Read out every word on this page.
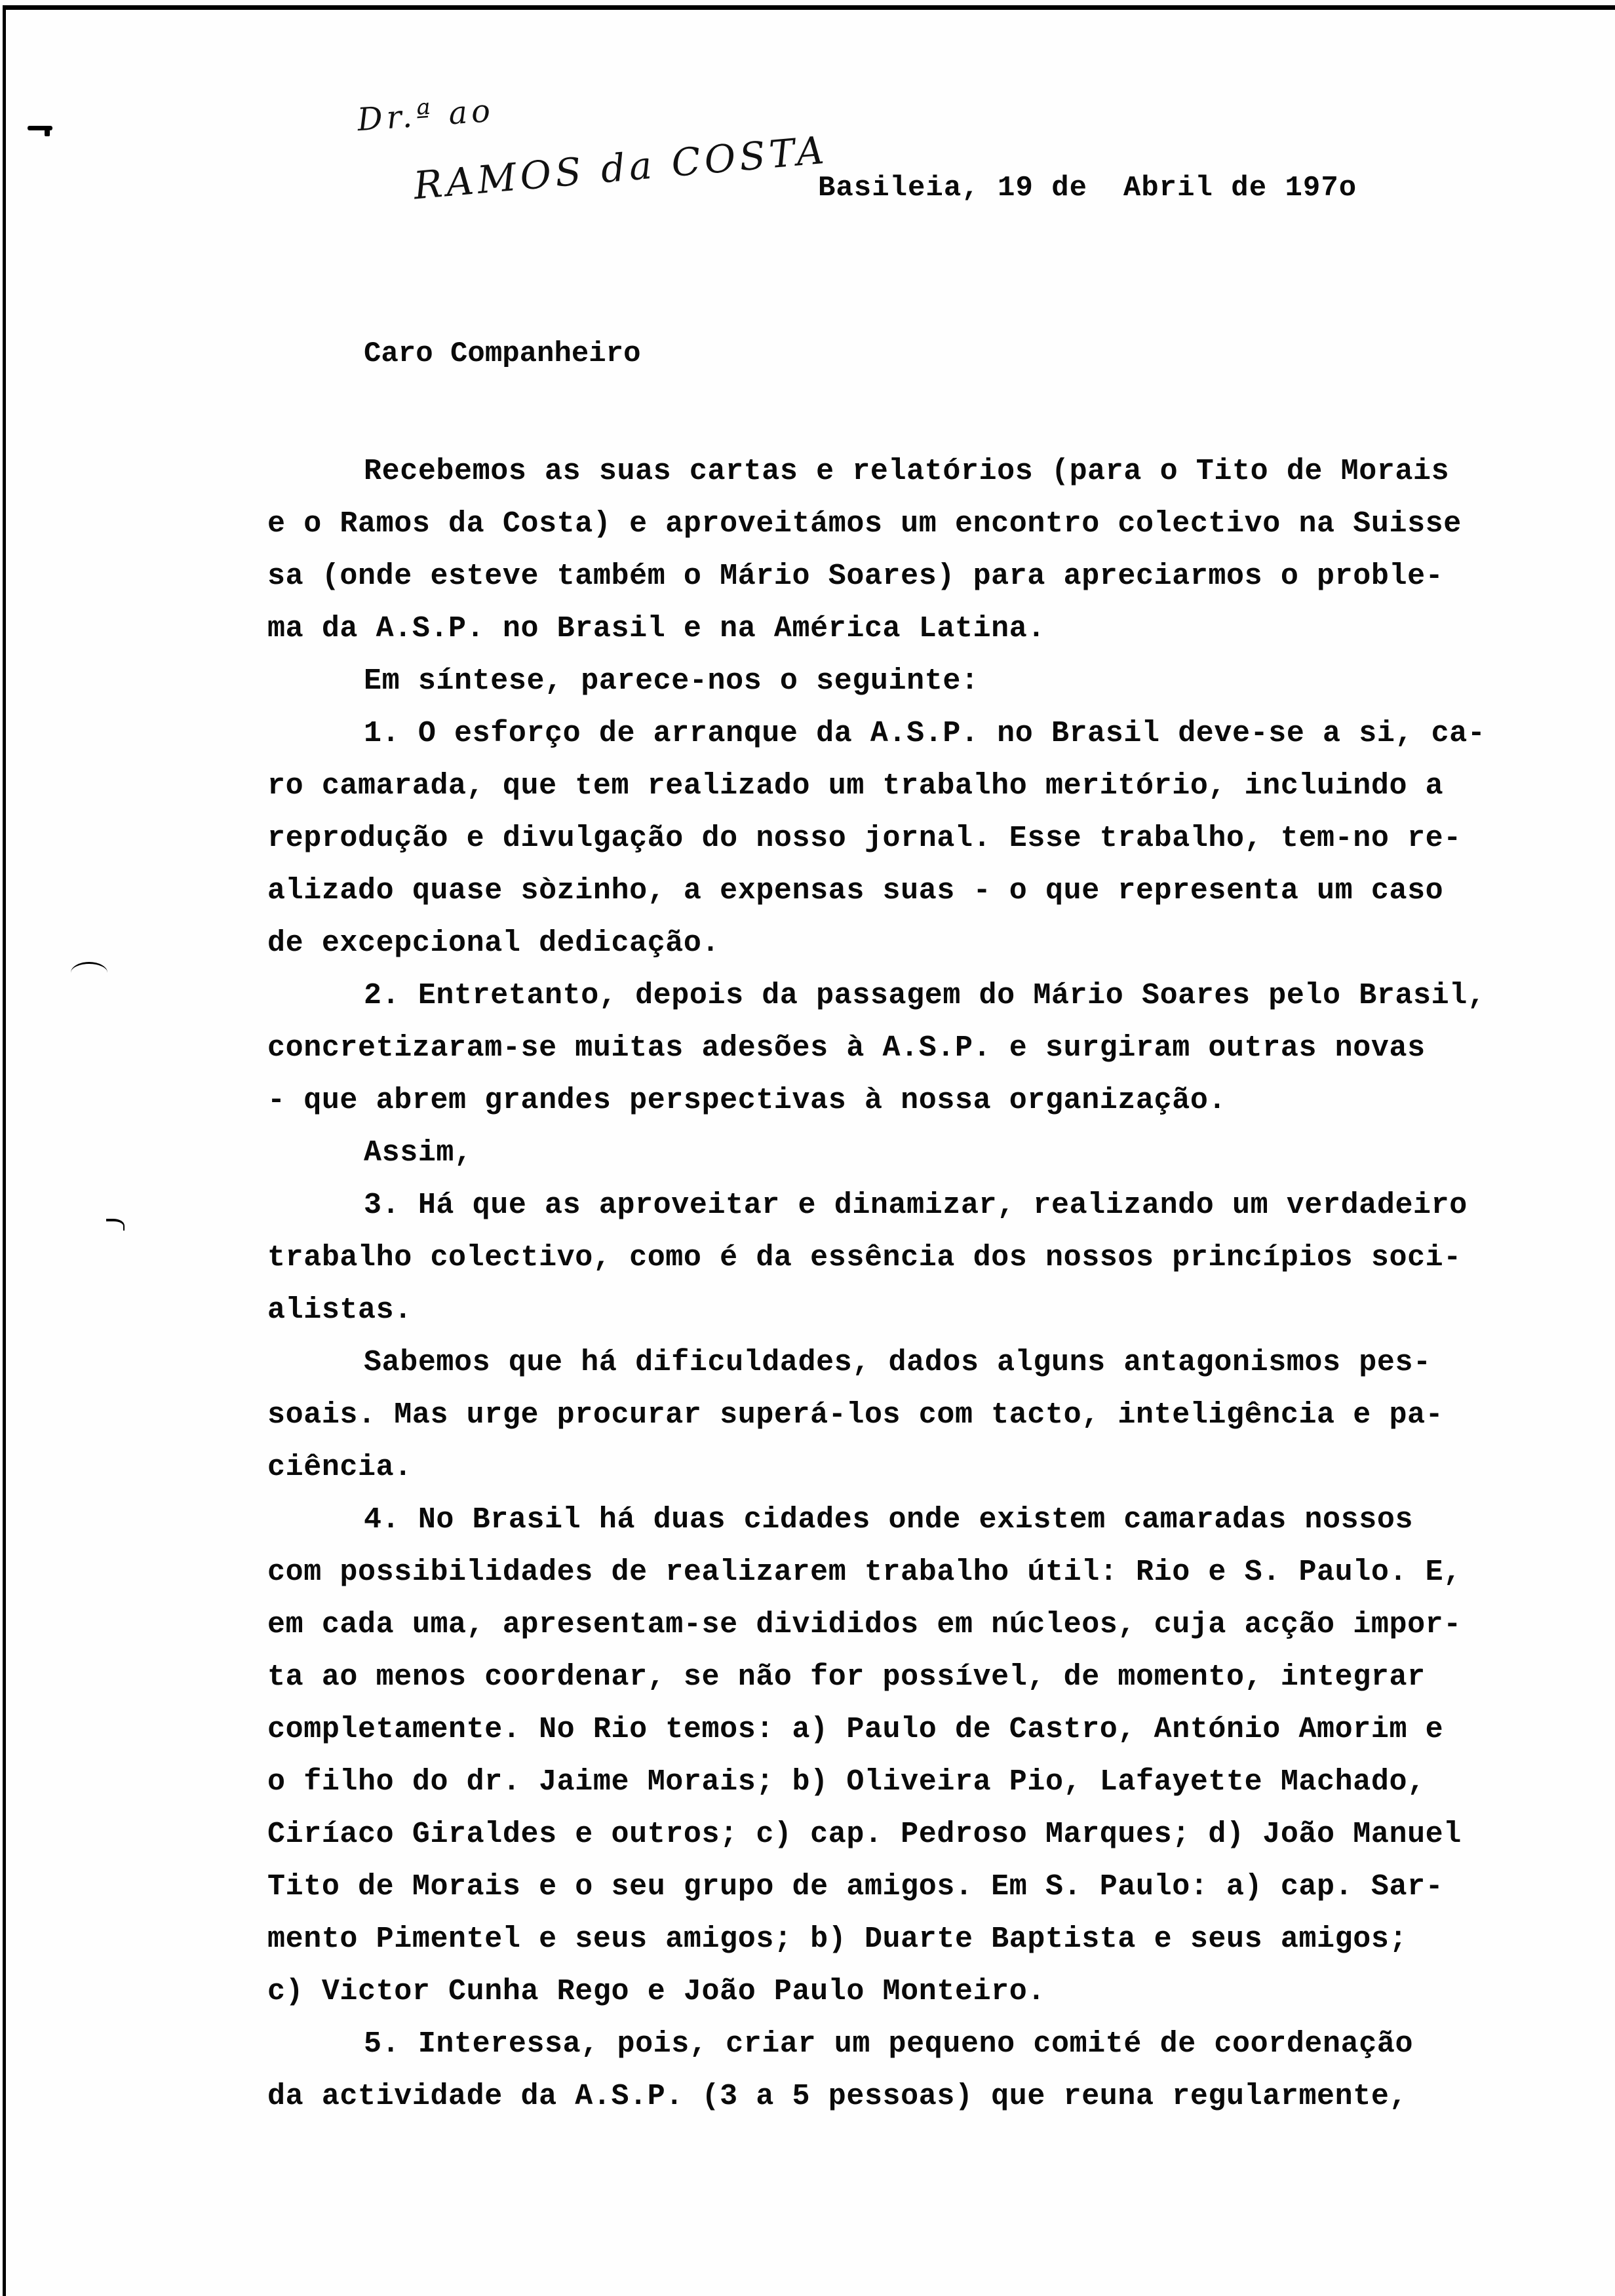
Dr.ª ao
RAMOS da COSTA
Basileia, 19 de  Abril de 197o
Caro Companheiro
Recebemos as suas cartas e relatórios (para o Tito de Morais
e o Ramos da Costa) e aproveitámos um encontro colectivo na Suisse
sa (onde esteve também o Mário Soares) para apreciarmos o proble-
ma da A.S.P. no Brasil e na América Latina.
Em síntese, parece-nos o seguinte:
1. O esforço de arranque da A.S.P. no Brasil deve-se a si, ca-
ro camarada, que tem realizado um trabalho meritório, incluindo a
reprodução e divulgação do nosso jornal. Esse trabalho, tem-no re-
alizado quase sòzinho, a expensas suas - o que representa um caso
de excepcional dedicação.
2. Entretanto, depois da passagem do Mário Soares pelo Brasil,
concretizaram-se muitas adesões à A.S.P. e surgiram outras novas
- que abrem grandes perspectivas à nossa organização.
Assim,
3. Há que as aproveitar e dinamizar, realizando um verdadeiro
trabalho colectivo, como é da essência dos nossos princípios soci-
alistas.
Sabemos que há dificuldades, dados alguns antagonismos pes-
soais. Mas urge procurar superá-los com tacto, inteligência e pa-
ciência.
4. No Brasil há duas cidades onde existem camaradas nossos
com possibilidades de realizarem trabalho útil: Rio e S. Paulo. E,
em cada uma, apresentam-se divididos em núcleos, cuja acção impor-
ta ao menos coordenar, se não for possível, de momento, integrar
completamente. No Rio temos: a) Paulo de Castro, António Amorim e
o filho do dr. Jaime Morais; b) Oliveira Pio, Lafayette Machado,
Ciríaco Giraldes e outros; c) cap. Pedroso Marques; d) João Manuel
Tito de Morais e o seu grupo de amigos. Em S. Paulo: a) cap. Sar-
mento Pimentel e seus amigos; b) Duarte Baptista e seus amigos;
c) Victor Cunha Rego e João Paulo Monteiro.
5. Interessa, pois, criar um pequeno comité de coordenação
da actividade da A.S.P. (3 a 5 pessoas) que reuna regularmente,
